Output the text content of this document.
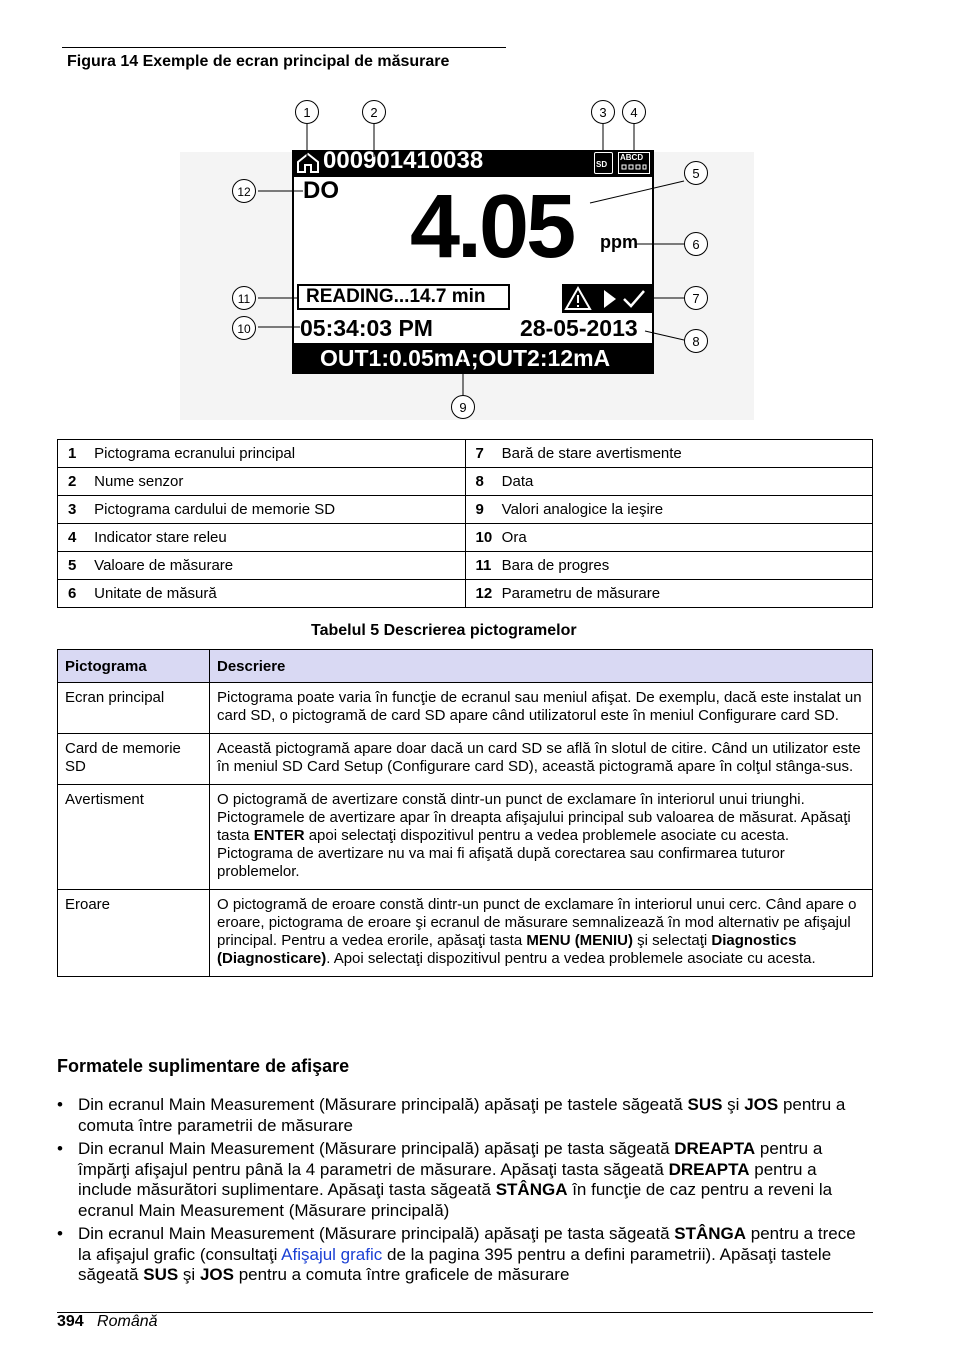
Figura 14 Exemple de ecran principal de măsurare
000901410038	SD
ABCD
DO 4.05 ppm
READING...14.7 min
05:34:03 PM	28-05-2013
OUT1:0.05mA;OUT2:12mA
1	2	3	4
5
6
7
8
9
10
11
12
1 Pictograma ecranului principal	7 Bară de stare avertismente
2 Nume senzor	8 Data
3 Pictograma cardului de memorie SD	9 Valori analogice la ieşire
4 Indicator stare releu	10 Ora
5 Valoare de măsurare	11 Bara de progres
6 Unitate de măsură	12 Parametru de măsurare
Tabelul 5 Descrierea pictogramelor
Pictograma	Descriere
Ecran principal	Pictograma poate varia în funcţie de ecranul sau meniul afişat. De exemplu, dacă este instalat un card SD, o pictogramă de card SD apare când utilizatorul este în meniul Configurare card SD.
Card de memorie SD	Această pictogramă apare doar dacă un card SD se află în slotul de citire. Când un utilizator este în meniul SD Card Setup (Configurare card SD), această pictogramă apare în colţul stânga-sus.
Avertisment	O pictogramă de avertizare constă dintr-un punct de exclamare în interiorul unui triunghi. Pictogramele de avertizare apar în dreapta afişajului principal sub valoarea de măsurat. Apăsaţi tasta ENTER apoi selectaţi dispozitivul pentru a vedea problemele asociate cu acesta. Pictograma de avertizare nu va mai fi afişată după corectarea sau confirmarea tuturor problemelor.
Eroare	O pictogramă de eroare constă dintr-un punct de exclamare în interiorul unui cerc. Când apare o eroare, pictograma de eroare şi ecranul de măsurare semnalizează în mod alternativ pe afişajul principal. Pentru a vedea erorile, apăsaţi tasta MENU (MENIU) şi selectaţi Diagnostics (Diagnosticare). Apoi selectaţi dispozitivul pentru a vedea problemele asociate cu acesta.
Formatele suplimentare de afişare
• Din ecranul Main Measurement (Măsurare principală) apăsaţi pe tastele săgeată SUS şi JOS pentru a comuta între parametrii de măsurare
• Din ecranul Main Measurement (Măsurare principală) apăsaţi pe tasta săgeată DREAPTA pentru a împărţi afişajul pentru până la 4 parametri de măsurare. Apăsaţi tasta săgeată DREAPTA pentru a include măsurători suplimentare. Apăsaţi tasta săgeată STÂNGA în funcţie de caz pentru a reveni la ecranul Main Measurement (Măsurare principală)
• Din ecranul Main Measurement (Măsurare principală) apăsaţi pe tasta săgeată STÂNGA pentru a trece la afişajul grafic (consultaţi Afişajul grafic de la pagina 395 pentru a defini parametrii). Apăsaţi tastele săgeată SUS şi JOS pentru a comuta între graficele de măsurare
394 Română
